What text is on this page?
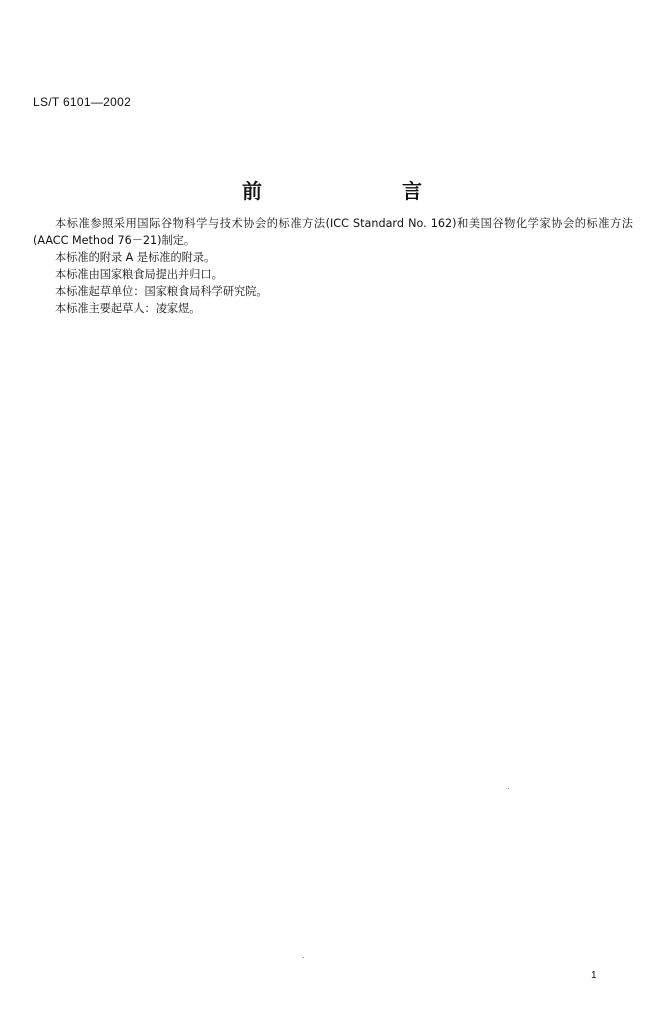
LS/T 6101—2002
前　言

本标准参照采用国际谷物科学与技术协会的标准方法(ICC Standard No. 162)和美国谷物化学家协会的标准方法(AACC Method 76－21)制定。

本标准的附录 A 是标准的附录。

本标准由国家粮食局提出并归口。

本标准起草单位：国家粮食局科学研究院。

本标准主要起草人：凌家煜。

1
